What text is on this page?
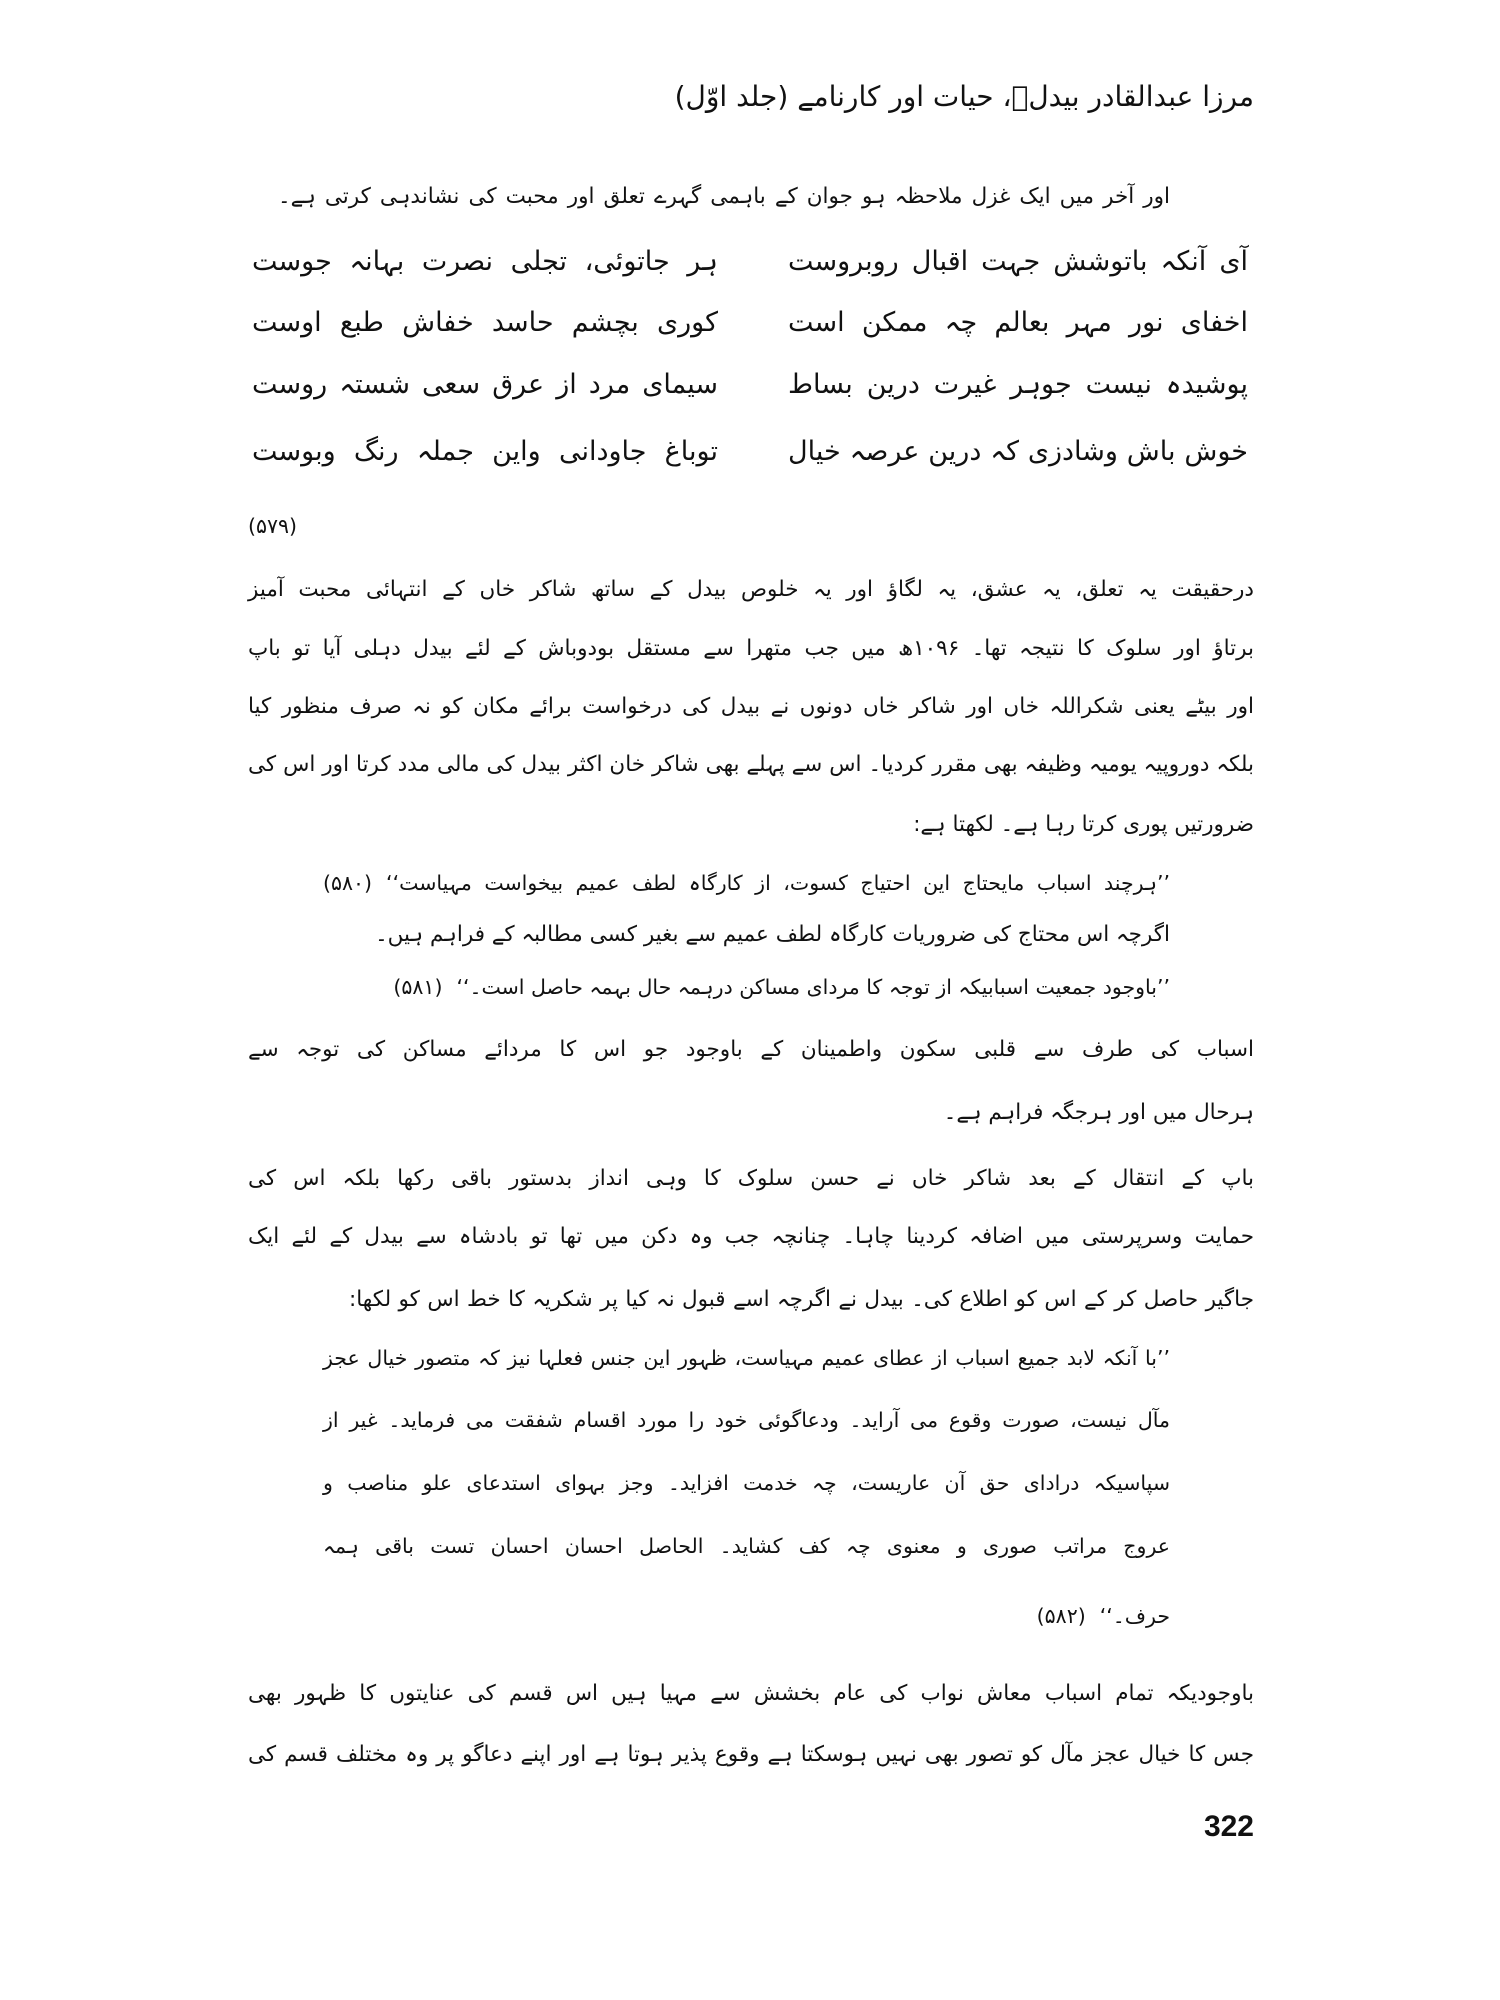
مرزا عبدالقادر بیدلؔ، حیات اور کارنامے (جلد اوّل)
اور آخر میں ایک غزل ملاحظہ ہو جوان کے باہمی گہرے تعلق اور محبت کی نشاندہی کرتی ہے۔
آی آنکہ باتوشش جہت اقبال روبروست
ہر جاتوئی، تجلی نصرت بہانہ جوست
اخفای نور مہر بعالم چہ ممکن است
کوری بچشم حاسد خفاش طبع اوست
پوشیدہ نیست جوہر غیرت درین بساط
سیمای مرد از عرق سعی شستہ روست
خوش باش وشادزی کہ درین عرصہ خیال
توباغ جاودانی واین جملہ رنگ وبوست
(۵۷۹)
درحقیقت یہ تعلق، یہ عشق، یہ لگاؤ اور یہ خلوص بیدل کے ساتھ شاکر خاں کے انتہائی محبت آمیز
برتاؤ اور سلوک کا نتیجہ تھا۔ ۱۰۹۶ھ میں جب متھرا سے مستقل بودوباش کے لئے بیدل دہلی آیا تو باپ
اور بیٹے یعنی شکراللہ خاں اور شاکر خاں دونوں نے بیدل کی درخواست برائے مکان کو نہ صرف منظور کیا
بلکہ دوروپیہ یومیہ وظیفہ بھی مقرر کردیا۔ اس سے پہلے بھی شاکر خان اکثر بیدل کی مالی مدد کرتا اور اس کی
ضرورتیں پوری کرتا رہا ہے۔ لکھتا ہے:
’’ہرچند اسباب مایحتاج این احتیاج کسوت، از کارگاہ لطف عمیم بیخواست مہیاست‘‘
(۵۸۰)
اگرچہ اس محتاج کی ضروریات کارگاہ لطف عمیم سے بغیر کسی مطالبہ کے فراہم ہیں۔
’’باوجود جمعیت اسبابیکہ از توجہ کا مردای مساکن درہمہ حال بہمہ حاصل است۔‘‘
(۵۸۱)
اسباب کی طرف سے قلبی سکون واطمینان کے باوجود جو اس کا مردائے مساکن کی توجہ سے
ہرحال میں اور ہرجگہ فراہم ہے۔
باپ کے انتقال کے بعد شاکر خاں نے حسن سلوک کا وہی انداز بدستور باقی رکھا بلکہ اس کی
حمایت وسرپرستی میں اضافہ کردینا چاہا۔ چنانچہ جب وہ دکن میں تھا تو بادشاہ سے بیدل کے لئے ایک
جاگیر حاصل کر کے اس کو اطلاع کی۔ بیدل نے اگرچہ اسے قبول نہ کیا پر شکریہ کا خط اس کو لکھا:
’’با آنکہ لابد جمیع اسباب از عطای عمیم مہیاست، ظہور این جنس فعلہا نیز کہ متصور خیال عجز
مآل نیست، صورت وقوع می آراید۔ ودعاگوئی خود را مورد اقسام شفقت می فرماید۔ غیر از
سپاسیکہ درادای حق آن عاریست، چہ خدمت افزاید۔ وجز بہوای استدعای علو مناصب و
عروج مراتب صوری و معنوی چہ کف کشاید۔ الحاصل احسان احسان تست باقی ہمہ
حرف۔‘‘
(۵۸۲)
باوجودیکہ تمام اسباب معاش نواب کی عام بخشش سے مہیا ہیں اس قسم کی عنایتوں کا ظہور بھی
جس کا خیال عجز مآل کو تصور بھی نہیں ہوسکتا ہے وقوع پذیر ہوتا ہے اور اپنے دعاگو پر وہ مختلف قسم کی
322
